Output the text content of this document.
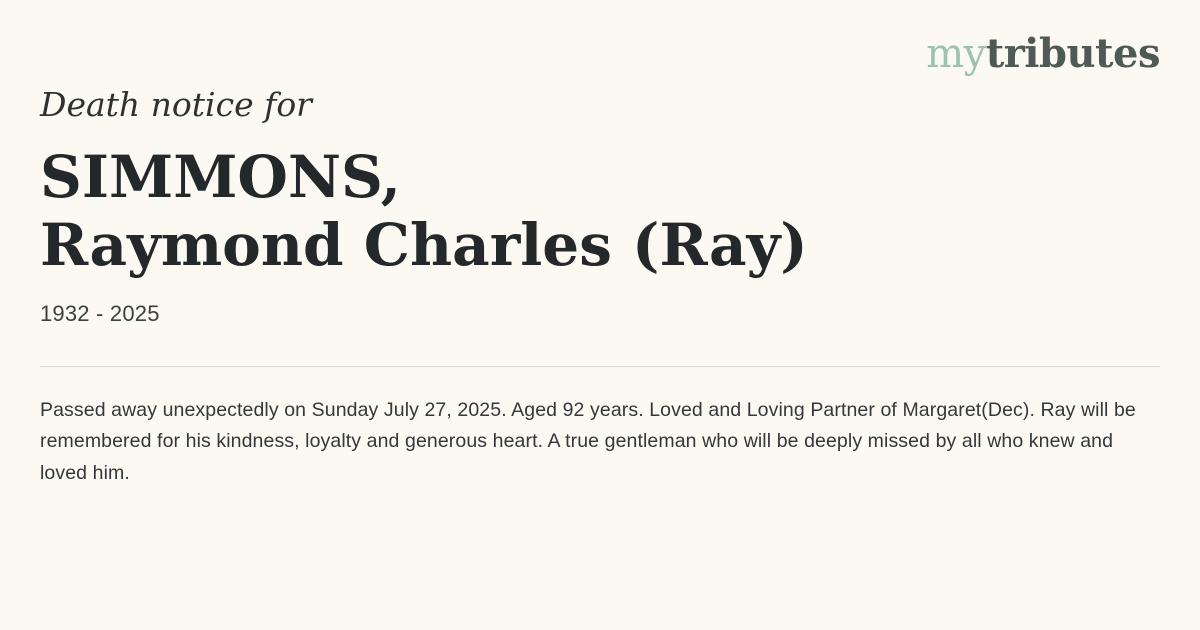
mytributes

Death notice for

SIMMONS,
Raymond Charles (Ray)

1932 - 2025

Passed away unexpectedly on Sunday July 27, 2025. Aged 92 years. Loved and Loving Partner of Margaret(Dec). Ray will be remembered for his kindness, loyalty and generous heart. A true gentleman who will be deeply missed by all who knew and loved him.
